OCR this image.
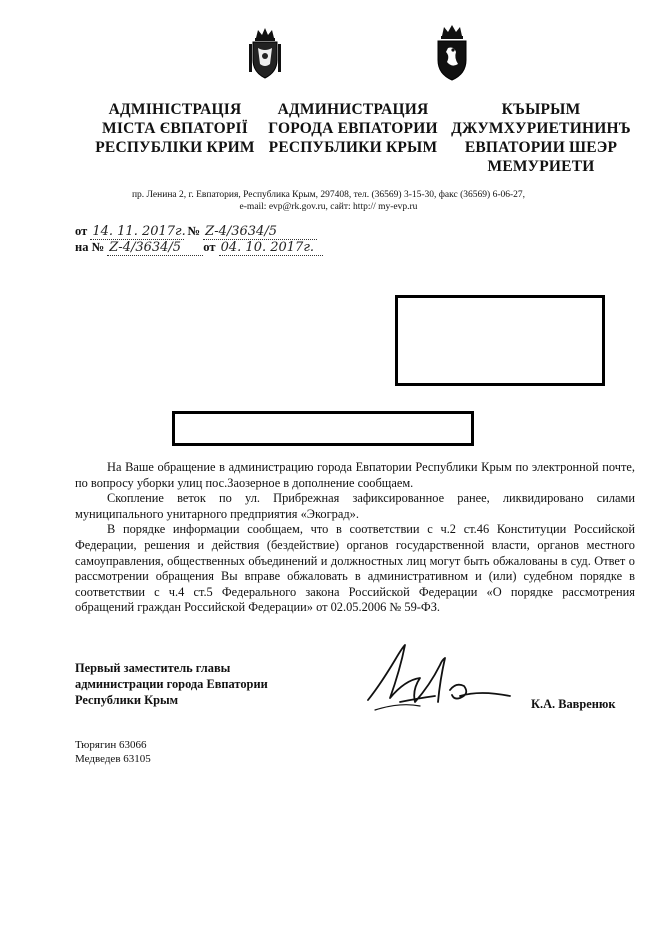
АДМІНІСТРАЦІЯ
МІСТА ЄВПАТОРІЇ
РЕСПУБЛІКИ КРИМ
АДМИНИСТРАЦИЯ
ГОРОДА ЕВПАТОРИИ
РЕСПУБЛИКИ КРЫМ
КЪЫРЫМ
ДЖУМХУРИЕТИНИНЪ
ЕВПАТОРИИ ШЕЭР
МЕМУРИЕТИ
пр. Ленина 2, г. Евпатория, Республика Крым, 297408, тел. (36569) 3-15-30, факс (36569) 6-06-27,
e-mail: evp@rk.gov.ru, сайт: http:// my-evp.ru
от 14. 11. 2017г. № Z-4/3634/5
на № Z-4/3634/5 от 04. 10. 2017г.

На Ваше обращение в администрацию города Евпатории Республики Крым по электронной почте, по вопросу уборки улиц пос.Заозерное в дополнение сообщаем.

Скопление веток по ул. Прибрежная зафиксированное ранее, ликвидировано силами муниципального унитарного предприятия «Экоград».

В порядке информации сообщаем, что в соответствии с ч.2 ст.46 Конституции Российской Федерации, решения и действия (бездействие) органов государственной власти, органов местного самоуправления, общественных объединений и должностных лиц могут быть обжалованы в суд. Ответ о рассмотрении обращения Вы вправе обжаловать в административном и (или) судебном порядке в соответствии с ч.4 ст.5 Федерального закона Российской Федерации «О порядке рассмотрения обращений граждан Российской Федерации» от 02.05.2006 № 59-ФЗ.

Первый заместитель главы
администрации города Евпатории
Республики Крым	К.А. Вавренюк
Тюрягин 63066
Медведев 63105
